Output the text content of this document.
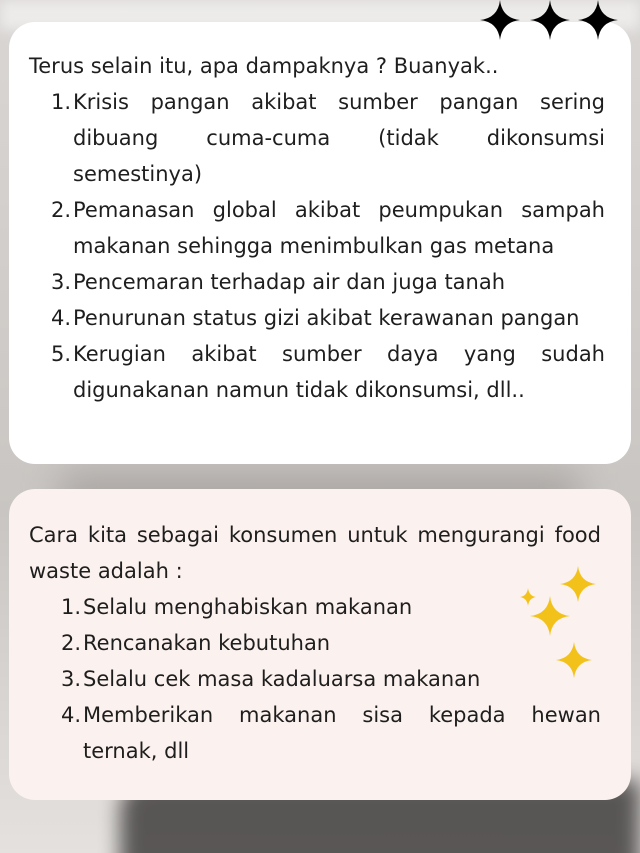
Terus selain itu, apa dampaknya ? Buanyak..

1. Krisis pangan akibat sumber pangan sering dibuang cuma-cuma (tidak dikonsumsi semestinya)
2. Pemanasan global akibat peumpukan sampah makanan sehingga menimbulkan gas metana
3. Pencemaran terhadap air dan juga tanah
4. Penurunan status gizi akibat kerawanan pangan
5. Kerugian akibat sumber daya yang sudah digunakanan namun tidak dikonsumsi, dll..

Cara kita sebagai konsumen untuk mengurangi food waste adalah :

1. Selalu menghabiskan makanan
2. Rencanakan kebutuhan
3. Selalu cek masa kadaluarsa makanan
4. Memberikan makanan sisa kepada hewan ternak, dll
